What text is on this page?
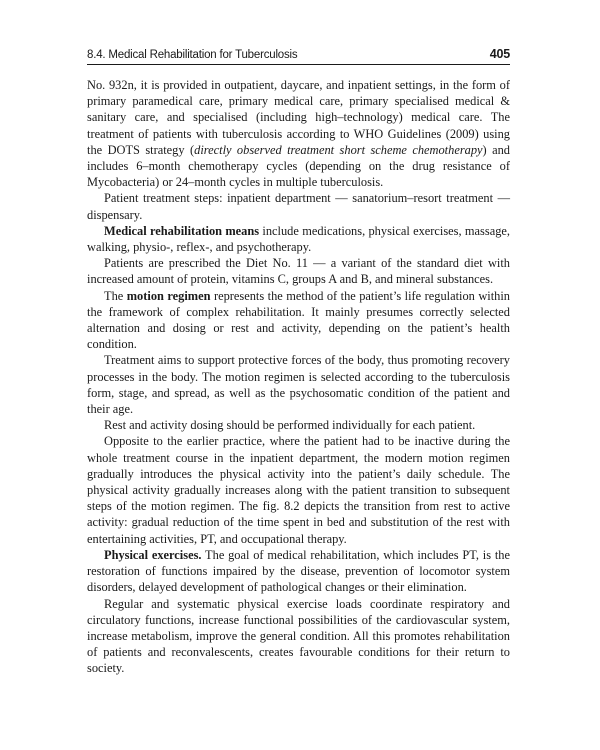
8.4. Medical Rehabilitation for Tuberculosis	405

No. 932n, it is provided in outpatient, daycare, and inpatient settings, in the form of primary paramedical care, primary medical care, primary specialised medical & sanitary care, and specialised (including high–technology) medical care. The treatment of patients with tuberculosis according to WHO Guidelines (2009) using the DOTS strategy (directly observed treatment short scheme chemotherapy) and includes 6–month chemotherapy cycles (depending on the drug resistance of Mycobacteria) or 24–month cycles in multiple tuberculosis.

Patient treatment steps: inpatient department — sanatorium–resort treatment — dispensary.

Medical rehabilitation means include medications, physical exercises, massage, walking, physio-, reflex-, and psychotherapy.

Patients are prescribed the Diet No. 11 — a variant of the standard diet with increased amount of protein, vitamins C, groups A and B, and mineral substances.

The motion regimen represents the method of the patient’s life regulation within the framework of complex rehabilitation. It mainly presumes correctly selected alternation and dosing or rest and activity, depending on the patient’s health condition.

Treatment aims to support protective forces of the body, thus promoting recovery processes in the body. The motion regimen is selected according to the tuberculosis form, stage, and spread, as well as the psychosomatic condition of the patient and their age.

Rest and activity dosing should be performed individually for each patient.

Opposite to the earlier practice, where the patient had to be inactive during the whole treatment course in the inpatient department, the modern motion regimen gradually introduces the physical activity into the patient’s daily schedule. The physical activity gradually increases along with the patient transition to subsequent steps of the motion regimen. The fig. 8.2 depicts the transition from rest to active activity: gradual reduction of the time spent in bed and substitution of the rest with entertaining activities, PT, and occupational therapy.

Physical exercises. The goal of medical rehabilitation, which includes PT, is the restoration of functions impaired by the disease, prevention of locomotor system disorders, delayed development of pathological changes or their elimination.

Regular and systematic physical exercise loads coordinate respiratory and circulatory functions, increase functional possibilities of the cardiovascular system, increase metabolism, improve the general condition. All this promotes rehabilitation of patients and reconvalescents, creates favourable conditions for their return to society.
